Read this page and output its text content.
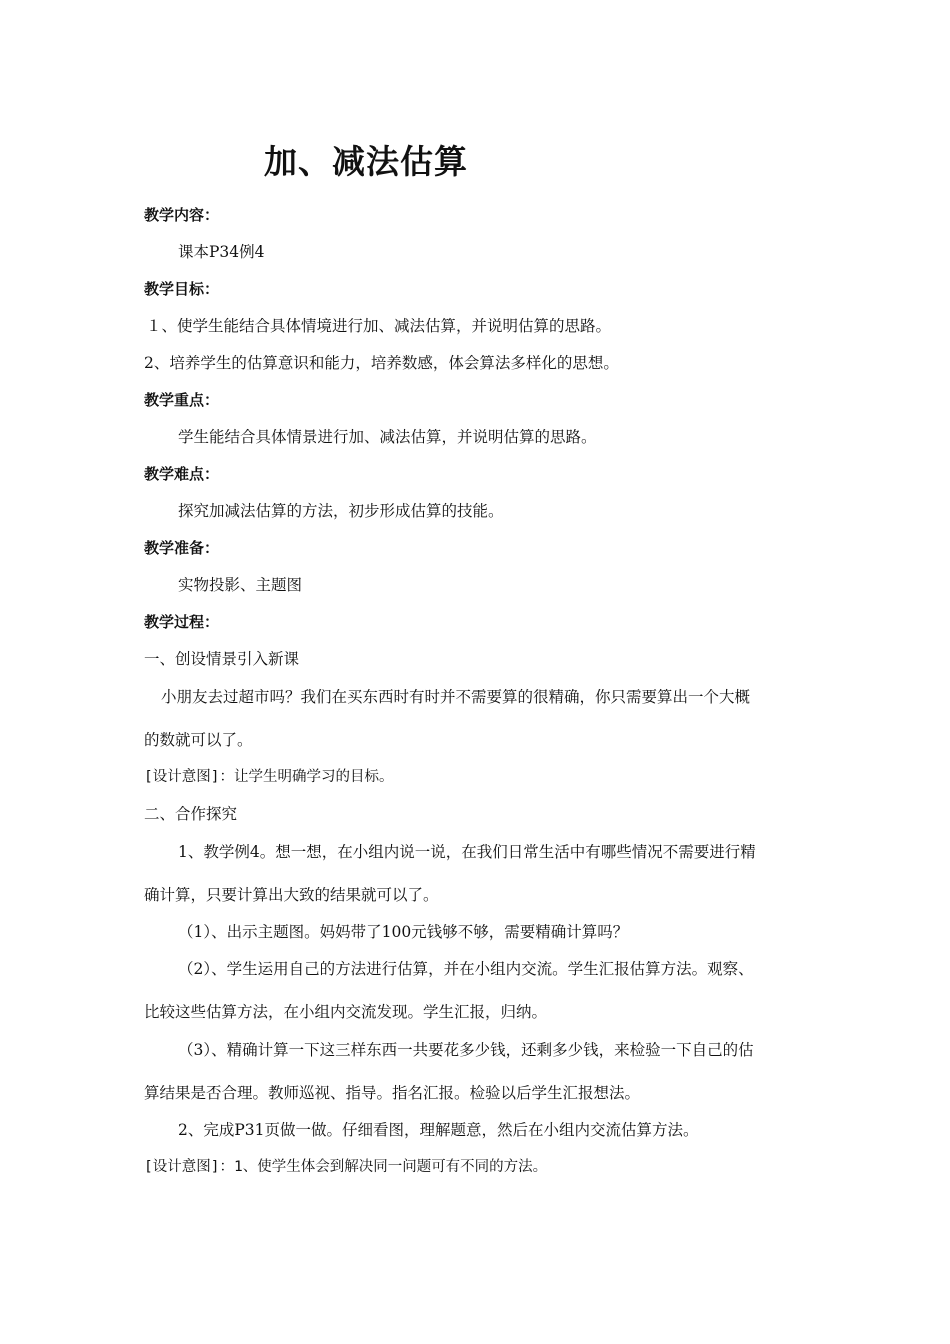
加、减法估算
教学内容：
课本P34例4
教学目标：
１、使学生能结合具体情境进行加、减法估算，并说明估算的思路。
2、培养学生的估算意识和能力，培养数感，体会算法多样化的思想。
教学重点：
学生能结合具体情景进行加、减法估算，并说明估算的思路。
教学难点：
探究加减法估算的方法，初步形成估算的技能。
教学准备：
实物投影、主题图
教学过程：
一、创设情景引入新课
小朋友去过超市吗？我们在买东西时有时并不需要算的很精确，你只需要算出一个大概
的数就可以了。
[设计意图]：让学生明确学习的目标。
二、合作探究
1、教学例4。想一想，在小组内说一说，在我们日常生活中有哪些情况不需要进行精
确计算，只要计算出大致的结果就可以了。
（1）、出示主题图。妈妈带了100元钱够不够，需要精确计算吗？
（2）、学生运用自己的方法进行估算，并在小组内交流。学生汇报估算方法。观察、
比较这些估算方法，在小组内交流发现。学生汇报，归纳。
（3）、精确计算一下这三样东西一共要花多少钱，还剩多少钱，来检验一下自己的估
算结果是否合理。教师巡视、指导。指名汇报。检验以后学生汇报想法。
2、完成P31页做一做。仔细看图，理解题意，然后在小组内交流估算方法。
[设计意图]：1、使学生体会到解决同一问题可有不同的方法。
